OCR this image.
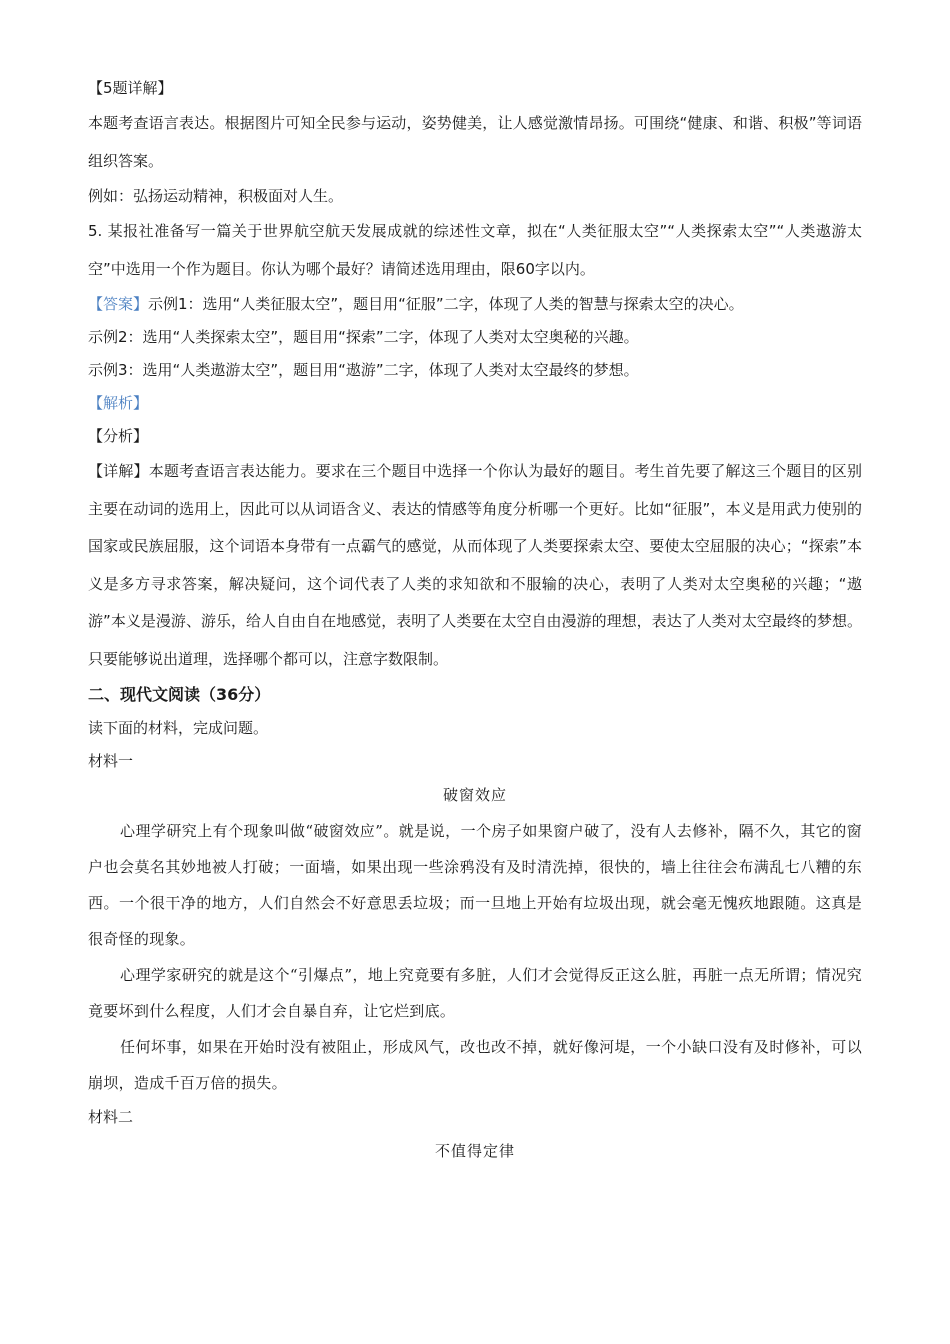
【5题详解】
本题考查语言表达。根据图片可知全民参与运动，姿势健美，让人感觉激情昂扬。可围绕“健康、和谐、积极”等词语组织答案。
例如：弘扬运动精神，积极面对人生。
5. 某报社准备写一篇关于世界航空航天发展成就的综述性文章，拟在“人类征服太空”“人类探索太空”“人类遨游太空”中选用一个作为题目。你认为哪个最好？请简述选用理由，限60字以内。
【答案】示例1：选用“人类征服太空”，题目用“征服”二字，体现了人类的智慧与探索太空的决心。
示例2：选用“人类探索太空”，题目用“探索”二字，体现了人类对太空奥秘的兴趣。
示例3：选用“人类遨游太空”，题目用“遨游”二字，体现了人类对太空最终的梦想。
【解析】
【分析】
【详解】本题考查语言表达能力。要求在三个题目中选择一个你认为最好的题目。考生首先要了解这三个题目的区别主要在动词的选用上，因此可以从词语含义、表达的情感等角度分析哪一个更好。比如“征服”，本义是用武力使别的国家或民族屈服，这个词语本身带有一点霸气的感觉，从而体现了人类要探索太空、要使太空屈服的决心；“探索”本义是多方寻求答案，解决疑问，这个词代表了人类的求知欲和不服输的决心，表明了人类对太空奥秘的兴趣；“遨游”本义是漫游、游乐，给人自由自在地感觉，表明了人类要在太空自由漫游的理想，表达了人类对太空最终的梦想。只要能够说出道理，选择哪个都可以，注意字数限制。
二、现代文阅读（36分）
读下面的材料，完成问题。
材料一
破窗效应
心理学研究上有个现象叫做“破窗效应”。就是说，一个房子如果窗户破了，没有人去修补，隔不久，其它的窗户也会莫名其妙地被人打破；一面墙，如果出现一些涂鸦没有及时清洗掉，很快的，墙上往往会布满乱七八糟的东西。一个很干净的地方，人们自然会不好意思丢垃圾；而一旦地上开始有垃圾出现，就会毫无愧疚地跟随。这真是很奇怪的现象。
心理学家研究的就是这个“引爆点”，地上究竟要有多脏，人们才会觉得反正这么脏，再脏一点无所谓；情况究竟要坏到什么程度，人们才会自暴自弃，让它烂到底。
任何坏事，如果在开始时没有被阻止，形成风气，改也改不掉，就好像河堤，一个小缺口没有及时修补，可以崩坝，造成千百万倍的损失。
材料二
不值得定律
